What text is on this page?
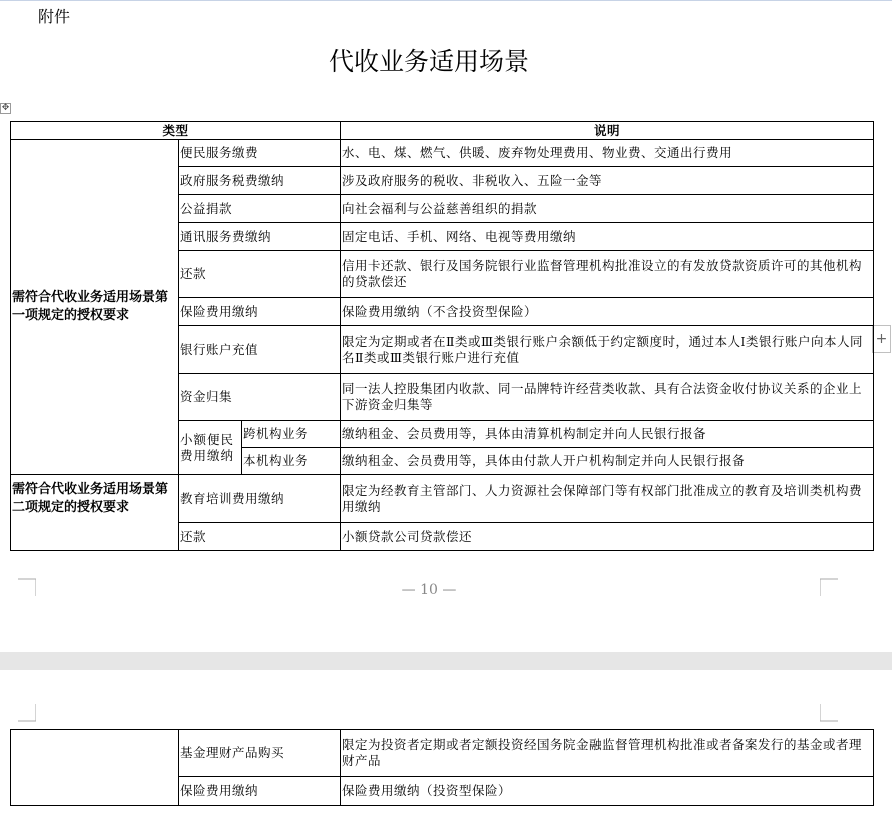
附件
代收业务适用场景
✥
+
类型			说明
需符合代收业务适用场景第一项规定的授权要求	便民服务缴费		水、电、煤、燃气、供暖、废弃物处理费用、物业费、交通出行费用
	政府服务税费缴纳		涉及政府服务的税收、非税收入、五险一金等
	公益捐款		向社会福利与公益慈善组织的捐款
	通讯服务费缴纳		固定电话、手机、网络、电视等费用缴纳
	还款		信用卡还款、银行及国务院银行业监督管理机构批准设立的有发放贷款资质许可的其他机构的贷款偿还
	保险费用缴纳		保险费用缴纳（不含投资型保险）
	银行账户充值		限定为定期或者在Ⅱ类或Ⅲ类银行账户余额低于约定额度时，通过本人Ⅰ类银行账户向本人同名Ⅱ类或Ⅲ类银行账户进行充值
	资金归集		同一法人控股集团内收款、同一品牌特许经营类收款、具有合法资金收付协议关系的企业上下游资金归集等
	小额便民费用缴纳	跨机构业务	缴纳租金、会员费用等，具体由清算机构制定并向人民银行报备
		本机构业务	缴纳租金、会员费用等，具体由付款人开户机构制定并向人民银行报备
需符合代收业务适用场景第二项规定的授权要求	教育培训费用缴纳		限定为经教育主管部门、人力资源社会保障部门等有权部门批准成立的教育及培训类机构费用缴纳
	还款		小额贷款公司贷款偿还
— 10 —
	基金理财产品购买	限定为投资者定期或者定额投资经国务院金融监督管理机构批准或者备案发行的基金或者理财产品
	保险费用缴纳	保险费用缴纳（投资型保险）
